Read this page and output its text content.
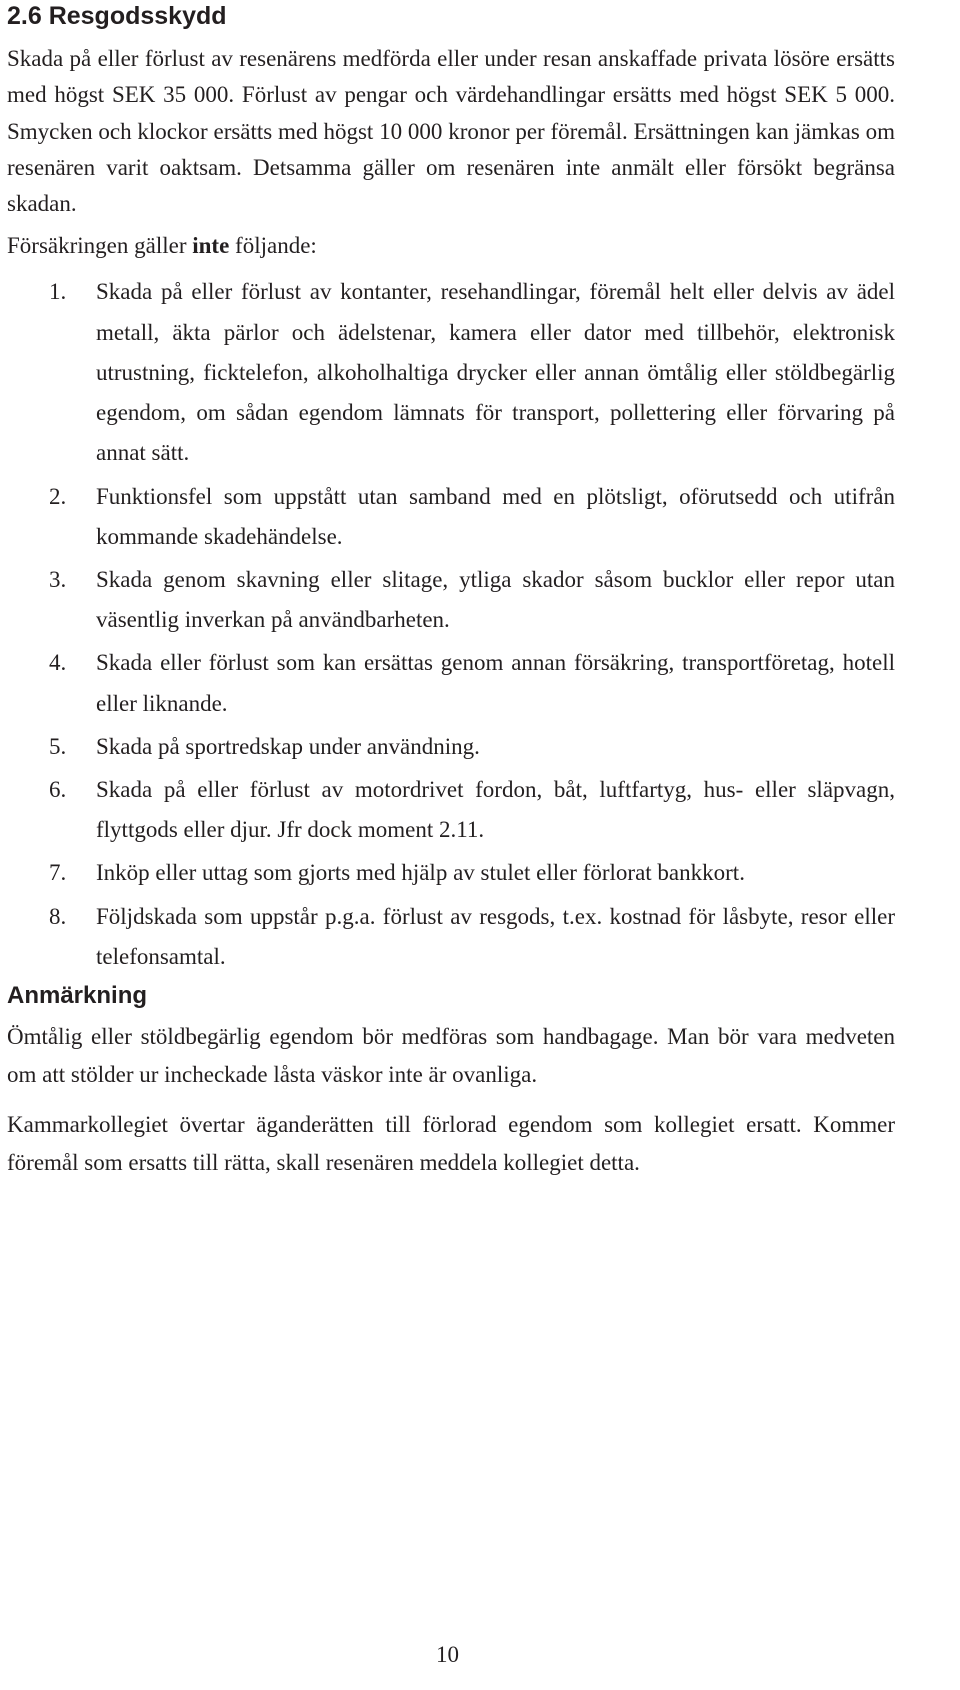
2.6 Resgodsskydd

Skada på eller förlust av resenärens medförda eller under resan anskaffade privata lösöre ersätts med högst SEK 35 000. Förlust av pengar och värdehandlingar ersätts med högst SEK 5 000. Smycken och klockor ersätts med högst 10 000 kronor per föremål. Ersättningen kan jämkas om resenären varit oaktsam. Detsamma gäller om resenären inte anmält eller försökt begränsa skadan.

Försäkringen gäller inte följande:

1. Skada på eller förlust av kontanter, resehandlingar, föremål helt eller delvis av ädel metall, äkta pärlor och ädelstenar, kamera eller dator med tillbehör, elektronisk utrustning, ficktelefon, alkoholhaltiga drycker eller annan ömtålig eller stöldbegärlig egendom, om sådan egendom lämnats för transport, pollettering eller förvaring på annat sätt.
2. Funktionsfel som uppstått utan samband med en plötsligt, oförutsedd och utifrån kommande skadehändelse.
3. Skada genom skavning eller slitage, ytliga skador såsom bucklor eller repor utan väsentlig inverkan på användbarheten.
4. Skada eller förlust som kan ersättas genom annan försäkring, transportföretag, hotell eller liknande.
5. Skada på sportredskap under användning.
6. Skada på eller förlust av motordrivet fordon, båt, luftfartyg, hus- eller släpvagn, flyttgods eller djur. Jfr dock moment 2.11.
7. Inköp eller uttag som gjorts med hjälp av stulet eller förlorat bankkort.
8. Följdskada som uppstår p.g.a. förlust av resgods, t.ex. kostnad för låsbyte, resor eller telefonsamtal.
Anmärkning

Ömtålig eller stöldbegärlig egendom bör medföras som handbagage. Man bör vara medveten om att stölder ur incheckade låsta väskor inte är ovanliga.

Kammarkollegiet övertar äganderätten till förlorad egendom som kollegiet ersatt. Kommer föremål som ersatts till rätta, skall resenären meddela kollegiet detta.

10
